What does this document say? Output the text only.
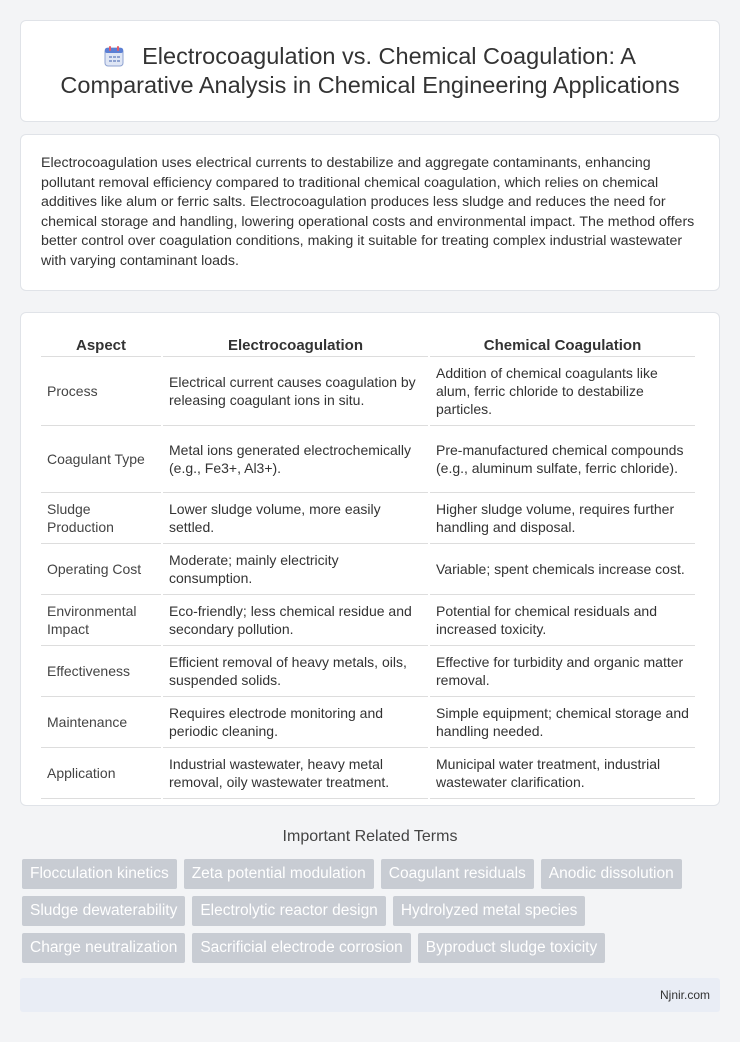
Electrocoagulation vs. Chemical Coagulation: A Comparative Analysis in Chemical Engineering Applications

Electrocoagulation uses electrical currents to destabilize and aggregate contaminants, enhancing pollutant removal efficiency compared to traditional chemical coagulation, which relies on chemical additives like alum or ferric salts. Electrocoagulation produces less sludge and reduces the need for chemical storage and handling, lowering operational costs and environmental impact. The method offers better control over coagulation conditions, making it suitable for treating complex industrial wastewater with varying contaminant loads.

Aspect	Electrocoagulation	Chemical Coagulation
Process	Electrical current causes coagulation by releasing coagulant ions in situ.	Addition of chemical coagulants like alum, ferric chloride to destabilize particles.
Coagulant Type	Metal ions generated electrochemically (e.g., Fe3+, Al3+).	Pre-manufactured chemical compounds (e.g., aluminum sulfate, ferric chloride).
Sludge Production	Lower sludge volume, more easily settled.	Higher sludge volume, requires further handling and disposal.
Operating Cost	Moderate; mainly electricity consumption.	Variable; spent chemicals increase cost.
Environmental Impact	Eco-friendly; less chemical residue and secondary pollution.	Potential for chemical residuals and increased toxicity.
Effectiveness	Efficient removal of heavy metals, oils, suspended solids.	Effective for turbidity and organic matter removal.
Maintenance	Requires electrode monitoring and periodic cleaning.	Simple equipment; chemical storage and handling needed.
Application	Industrial wastewater, heavy metal removal, oily wastewater treatment.	Municipal water treatment, industrial wastewater clarification.
Important Related Terms
Flocculation kinetics	Zeta potential modulation	Coagulant residuals	Anodic dissolution
Sludge dewaterability	Electrolytic reactor design	Hydrolyzed metal species
Charge neutralization	Sacrificial electrode corrosion	Byproduct sludge toxicity
Njnir.com
